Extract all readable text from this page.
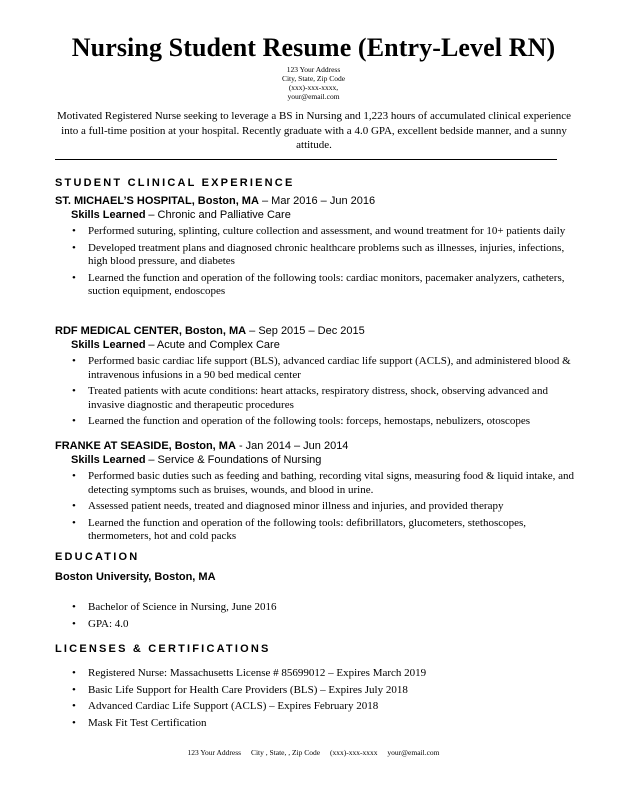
Nursing Student Resume (Entry-Level RN)
123 Your Address
City, State, Zip Code
(xxx)-xxx-xxxx,
your@email.com
Motivated Registered Nurse seeking to leverage a BS in Nursing and 1,223 hours of accumulated clinical experience into a full-time position at your hospital. Recently graduate with a 4.0 GPA, excellent bedside manner, and a sunny attitude.
STUDENT CLINICAL EXPERIENCE
ST. MICHAEL’S HOSPITAL, Boston, MA – Mar 2016 – Jun 2016
Skills Learned – Chronic and Palliative Care
• Performed suturing, splinting, culture collection and assessment, and wound treatment for 10+ patients daily
• Developed treatment plans and diagnosed chronic healthcare problems such as illnesses, injuries, infections, high blood pressure, and diabetes
• Learned the function and operation of the following tools: cardiac monitors, pacemaker analyzers, catheters, suction equipment, endoscopes
RDF MEDICAL CENTER, Boston, MA – Sep 2015 – Dec 2015
Skills Learned – Acute and Complex Care
• Performed basic cardiac life support (BLS), advanced cardiac life support (ACLS), and administered blood & intravenous infusions in a 90 bed medical center
• Treated patients with acute conditions: heart attacks, respiratory distress, shock, observing advanced and invasive diagnostic and therapeutic procedures
• Learned the function and operation of the following tools: forceps, hemostaps, nebulizers, otoscopes
FRANKE AT SEASIDE, Boston, MA - Jan 2014 – Jun 2014
Skills Learned – Service & Foundations of Nursing
• Performed basic duties such as feeding and bathing, recording vital signs, measuring food & liquid intake, and detecting symptoms such as bruises, wounds, and blood in urine.
• Assessed patient needs, treated and diagnosed minor illness and injuries, and provided therapy
• Learned the function and operation of the following tools: defibrillators, glucometers, stethoscopes, thermometers, hot and cold packs
EDUCATION
Boston University, Boston, MA
• Bachelor of Science in Nursing, June 2016
• GPA: 4.0
LICENSES & CERTIFICATIONS
• Registered Nurse: Massachusetts License # 85699012 – Expires March 2019
• Basic Life Support for Health Care Providers (BLS) – Expires July 2018
• Advanced Cardiac Life Support (ACLS) – Expires February 2018
• Mask Fit Test Certification
123 Your Address City , State, , Zip Code (xxx)-xxx-xxxx your@email.com
